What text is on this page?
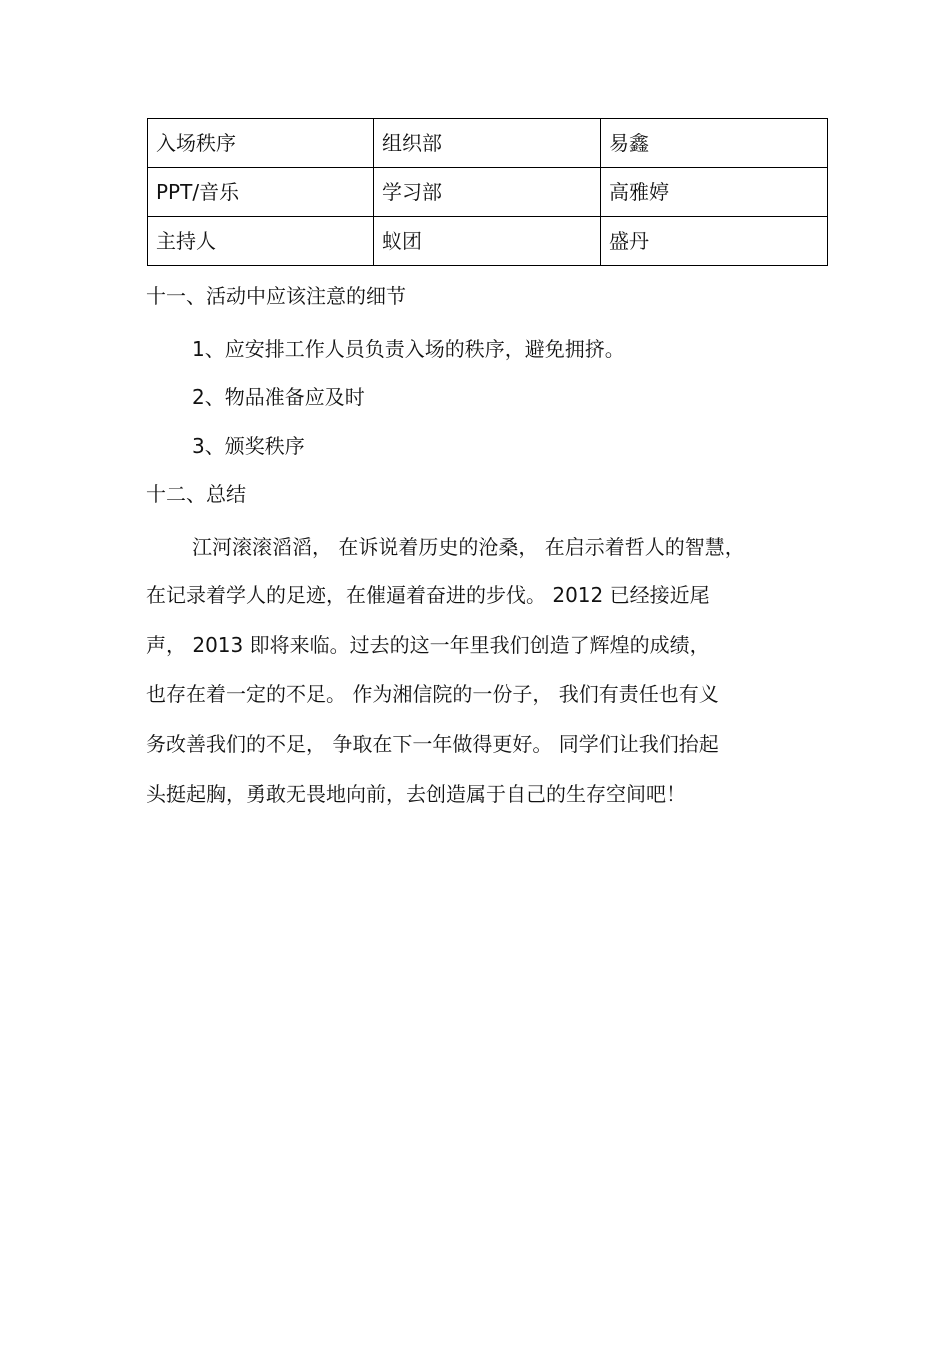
入场秩序	组织部	易鑫
PPT/音乐	学习部	高雅婷
主持人	蚁团	盛丹
十一、活动中应该注意的细节
1、应安排工作人员负责入场的秩序，避免拥挤。
2、物品准备应及时
3、颁奖秩序
十二、总结
江河滚滚滔滔， 在诉说着历史的沧桑， 在启示着哲人的智慧，
在记录着学人的足迹，在催逼着奋进的步伐。 2012 已经接近尾
声， 2013 即将来临。过去的这一年里我们创造了辉煌的成绩，
也存在着一定的不足。 作为湘信院的一份子， 我们有责任也有义
务改善我们的不足， 争取在下一年做得更好。 同学们让我们抬起
头挺起胸，勇敢无畏地向前，去创造属于自己的生存空间吧！
